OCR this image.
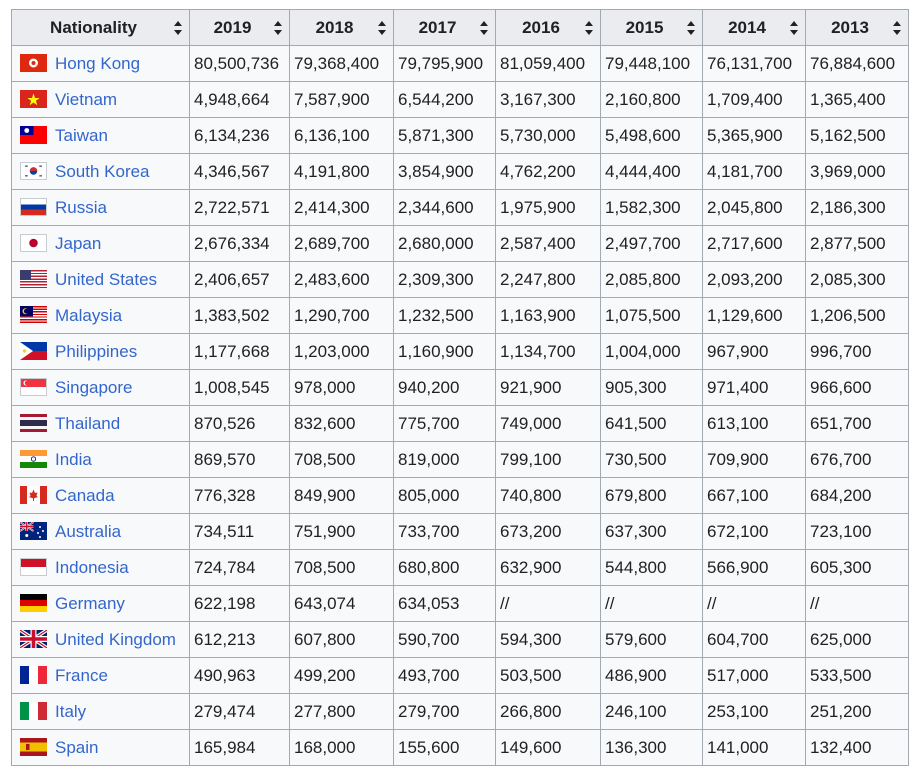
Nationality	2019	2018	2017	2016	2015	2014	2013

Hong Kong	80,500,736	79,368,400	79,795,900	81,059,400	79,448,100	76,131,700	76,884,600

Vietnam	4,948,664	7,587,900	6,544,200	3,167,300	2,160,800	1,709,400	1,365,400

Taiwan	6,134,236	6,136,100	5,871,300	5,730,000	5,498,600	5,365,900	5,162,500

South Korea	4,346,567	4,191,800	3,854,900	4,762,200	4,444,400	4,181,700	3,969,000
Russia	2,722,571	2,414,300	2,344,600	1,975,900	1,582,300	2,045,800	2,186,300

Japan	2,676,334	2,689,700	2,680,000	2,587,400	2,497,700	2,717,600	2,877,500

United States	2,406,657	2,483,600	2,309,300	2,247,800	2,085,800	2,093,200	2,085,300

Malaysia	1,383,502	1,290,700	1,232,500	1,163,900	1,075,500	1,129,600	1,206,500

Philippines	1,177,668	1,203,000	1,160,900	1,134,700	1,004,000	967,900	996,700

Singapore	1,008,545	978,000	940,200	921,900	905,300	971,400	966,600
Thailand	870,526	832,600	775,700	749,000	641,500	613,100	651,700

India	869,570	708,500	819,000	799,100	730,500	709,900	676,700

Canada	776,328	849,900	805,000	740,800	679,800	667,100	684,200

Australia	734,511	751,900	733,700	673,200	637,300	672,100	723,100
Indonesia	724,784	708,500	680,800	632,900	544,800	566,900	605,300
Germany	622,198	643,074	634,053	//	//	//	//

United Kingdom	612,213	607,800	590,700	594,300	579,600	604,700	625,000
France	490,963	499,200	493,700	503,500	486,900	517,000	533,500
Italy	279,474	277,800	279,700	266,800	246,100	253,100	251,200

Spain	165,984	168,000	155,600	149,600	136,300	141,000	132,400
